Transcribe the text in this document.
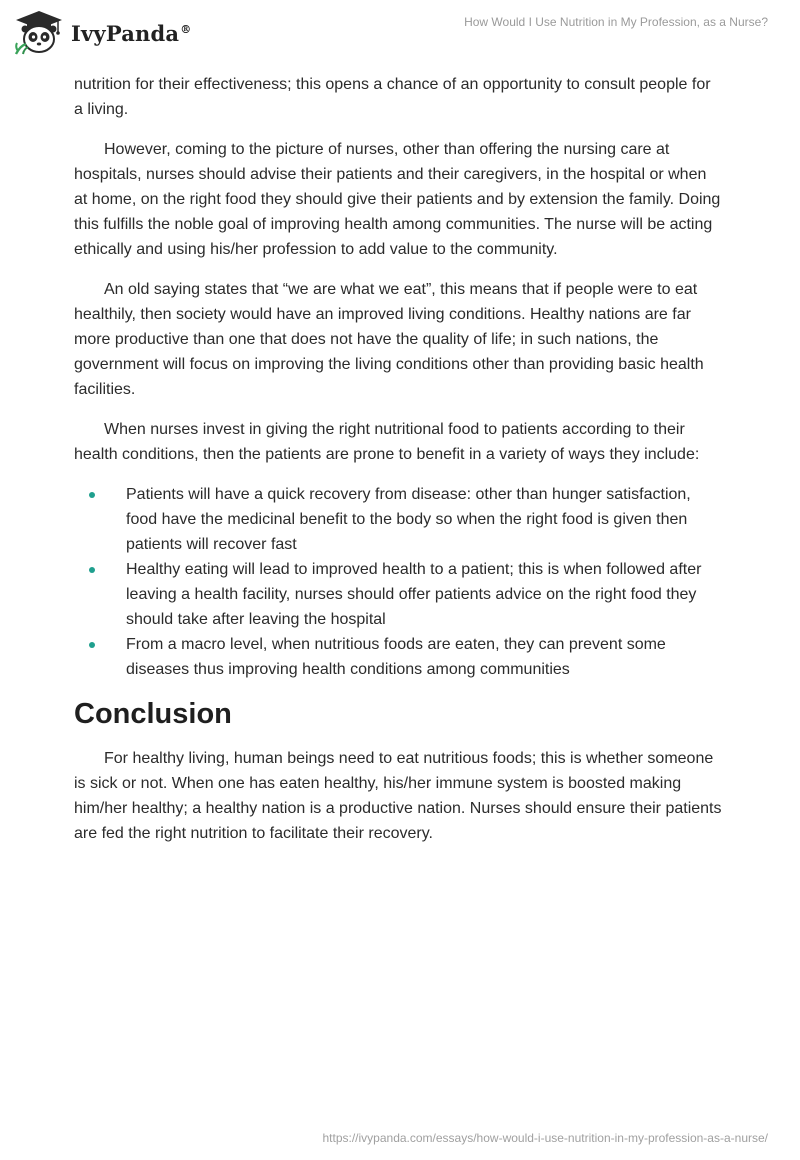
IvyPanda®	How Would I Use Nutrition in My Profession, as a Nurse?

nutrition for their effectiveness; this opens a chance of an opportunity to consult people for a living.

However, coming to the picture of nurses, other than offering the nursing care at hospitals, nurses should advise their patients and their caregivers, in the hospital or when at home, on the right food they should give their patients and by extension the family. Doing this fulfills the noble goal of improving health among communities. The nurse will be acting ethically and using his/her profession to add value to the community.

An old saying states that “we are what we eat”, this means that if people were to eat healthily, then society would have an improved living conditions. Healthy nations are far more productive than one that does not have the quality of life; in such nations, the government will focus on improving the living conditions other than providing basic health facilities.

When nurses invest in giving the right nutritional food to patients according to their health conditions, then the patients are prone to benefit in a variety of ways they include:

Patients will have a quick recovery from disease: other than hunger satisfaction, food have the medicinal benefit to the body so when the right food is given then patients will recover fast
Healthy eating will lead to improved health to a patient; this is when followed after leaving a health facility, nurses should offer patients advice on the right food they should take after leaving the hospital
From a macro level, when nutritious foods are eaten, they can prevent some diseases thus improving health conditions among communities
Conclusion

For healthy living, human beings need to eat nutritious foods; this is whether someone is sick or not. When one has eaten healthy, his/her immune system is boosted making him/her healthy; a healthy nation is a productive nation. Nurses should ensure their patients are fed the right nutrition to facilitate their recovery.

https://ivypanda.com/essays/how-would-i-use-nutrition-in-my-profession-as-a-nurse/
